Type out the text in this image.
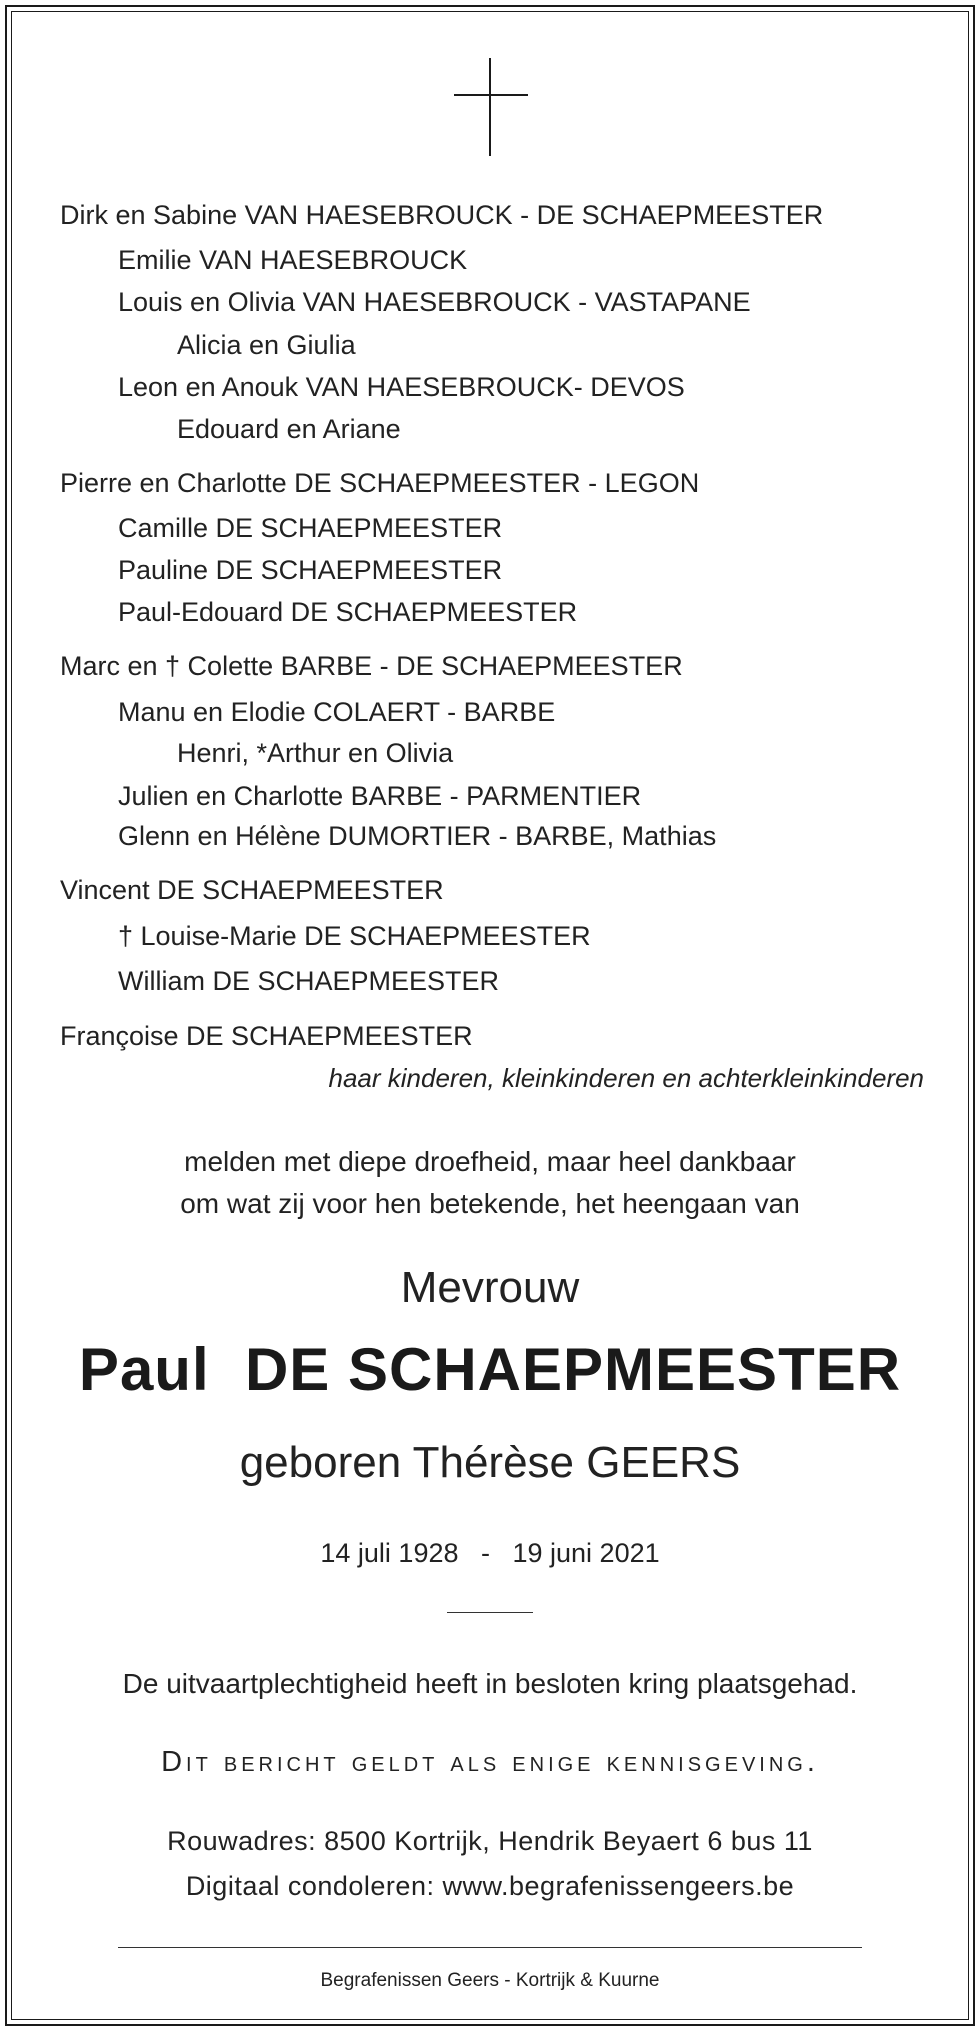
Dirk en Sabine VAN HAESEBROUCK - DE SCHAEPMEESTER
Emilie VAN HAESEBROUCK
Louis en Olivia VAN HAESEBROUCK - VASTAPANE
Alicia en Giulia
Leon en Anouk VAN HAESEBROUCK- DEVOS
Edouard en Ariane
Pierre en Charlotte DE SCHAEPMEESTER - LEGON
Camille DE SCHAEPMEESTER
Pauline DE SCHAEPMEESTER
Paul-Edouard DE SCHAEPMEESTER
Marc en † Colette BARBE - DE SCHAEPMEESTER
Manu en Elodie COLAERT - BARBE
Henri, *Arthur en Olivia
Julien en Charlotte BARBE - PARMENTIER
Glenn en Hélène DUMORTIER - BARBE, Mathias
Vincent DE SCHAEPMEESTER
† Louise-Marie DE SCHAEPMEESTER
William DE SCHAEPMEESTER
Françoise DE SCHAEPMEESTER
haar kinderen, kleinkinderen en achterkleinkinderen
melden met diepe droefheid, maar heel dankbaar
om wat zij voor hen betekende, het heengaan van
Mevrouw
Paul  DE SCHAEPMEESTER
geboren Thérèse GEERS
14 juli 1928   -   19 juni 2021
De uitvaartplechtigheid heeft in besloten kring plaatsgehad.
Dit bericht geldt als enige kennisgeving.
Rouwadres: 8500 Kortrijk, Hendrik Beyaert 6 bus 11
Digitaal condoleren: www.begrafenissengeers.be
Begrafenissen Geers - Kortrijk & Kuurne
